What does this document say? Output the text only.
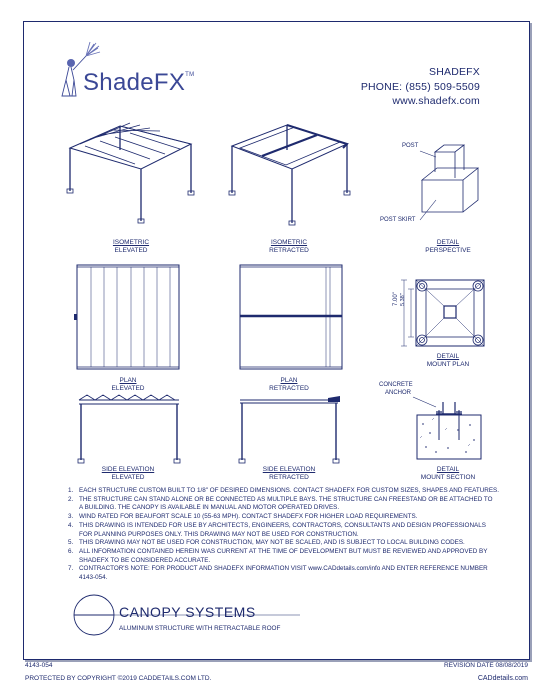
ShadeFX™	SHADEFX
PHONE: (855) 509-5509
www.shadefx.com
POST
POST SKIRT
7.00" 5.38"
CONCRETE
ANCHOR
ISOMETRIC
ELEVATED
ISOMETRIC
RETRACTED
DETAIL
PERSPECTIVE
PLAN
ELEVATED
PLAN
RETRACTED
DETAIL
MOUNT PLAN
SIDE ELEVATION
ELEVATED
SIDE ELEVATION
RETRACTED
DETAIL
MOUNT SECTION
1. EACH STRUCTURE CUSTOM BUILT TO 1/8" OF DESIRED DIMENSIONS. CONTACT SHADEFX FOR CUSTOM SIZES, SHAPES AND FEATURES.
2. THE STRUCTURE CAN STAND ALONE OR BE CONNECTED AS MULTIPLE BAYS. THE STRUCTURE CAN FREESTAND OR BE ATTACHED TO
A BUILDING. THE CANOPY IS AVAILABLE IN MANUAL AND MOTOR OPERATED DRIVES.
3. WIND RATED FOR BEAUFORT SCALE 10 (55-63 MPH). CONTACT SHADEFX FOR HIGHER LOAD REQUIREMENTS.
4. THIS DRAWING IS INTENDED FOR USE BY ARCHITECTS, ENGINEERS, CONTRACTORS, CONSULTANTS AND DESIGN PROFESSIONALS
FOR PLANNING PURPOSES ONLY. THIS DRAWING MAY NOT BE USED FOR CONSTRUCTION.
5. THIS DRAWING MAY NOT BE USED FOR CONSTRUCTION, MAY NOT BE SCALED, AND IS SUBJECT TO LOCAL BUILDING CODES.
6. ALL INFORMATION CONTAINED HEREIN WAS CURRENT AT THE TIME OF DEVELOPMENT BUT MUST BE REVIEWED AND APPROVED BY
SHADEFX TO BE CONSIDERED ACCURATE.
7. CONTRACTOR'S NOTE: FOR PRODUCT AND SHADEFX INFORMATION VISIT www.CADdetails.com/info AND ENTER REFERENCE NUMBER
4143-054.
CANOPY SYSTEMS
ALUMINUM STRUCTURE WITH RETRACTABLE ROOF
4143-054	REVISION DATE 08/08/2019
PROTECTED BY COPYRIGHT ©2019 CADDETAILS.COM LTD.	CADdetails.com
